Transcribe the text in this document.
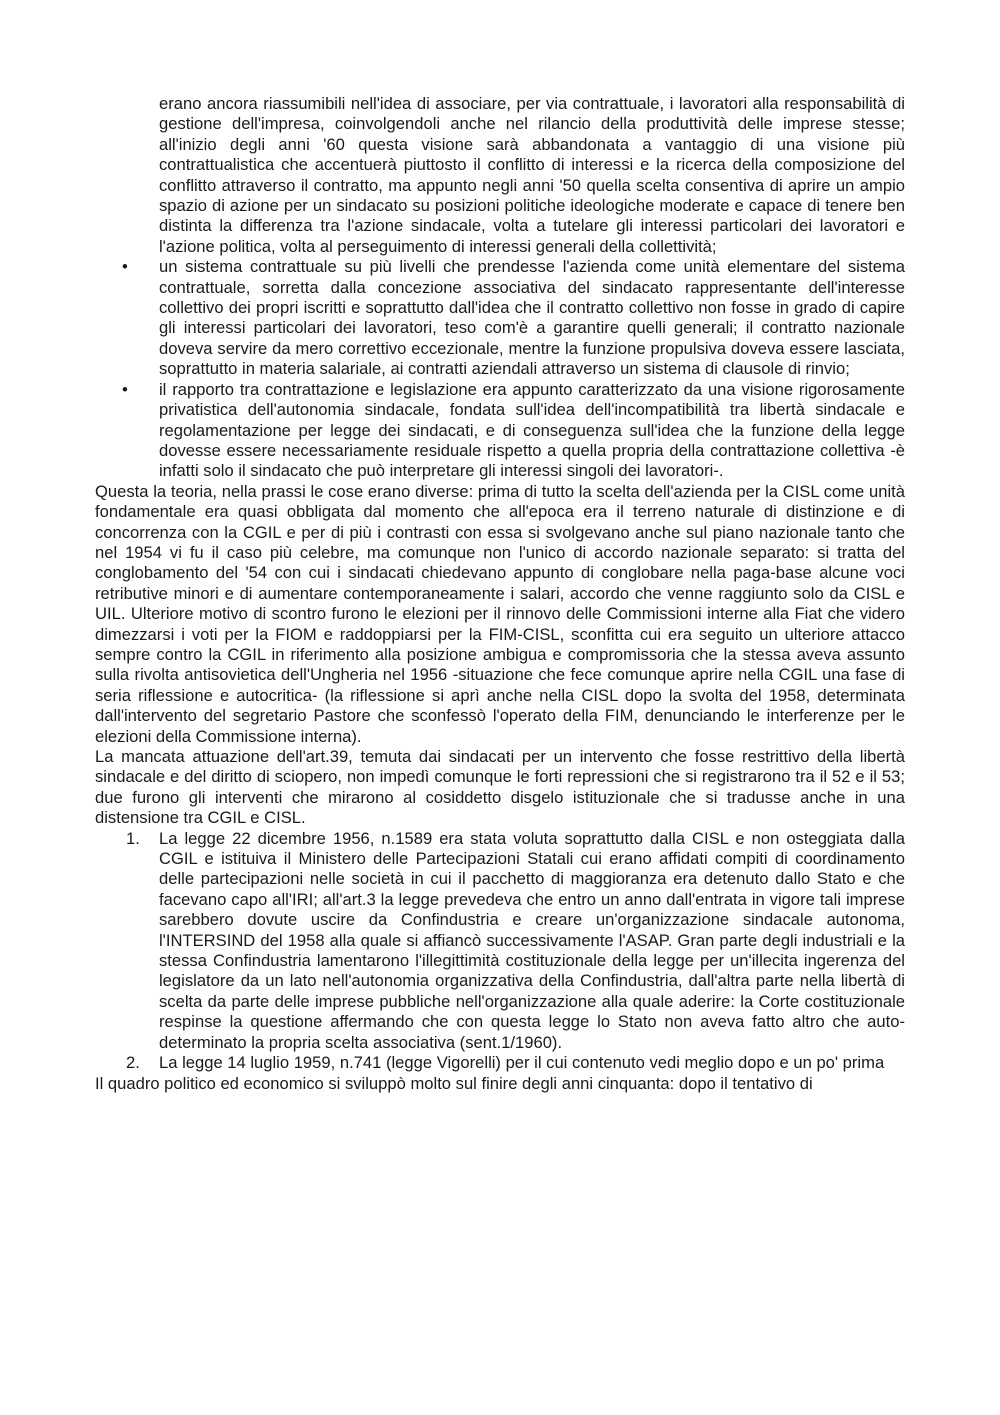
erano ancora riassumibili nell'idea di associare, per via contrattuale, i lavoratori alla responsabilità di gestione dell'impresa, coinvolgendoli anche nel rilancio della produttività delle imprese stesse; all'inizio degli anni '60 questa visione sarà abbandonata a vantaggio di una visione più contrattualistica che accentuerà piuttosto il conflitto di interessi e la ricerca della composizione del conflitto attraverso il contratto, ma appunto negli anni '50 quella scelta consentiva di aprire un ampio spazio di azione per un sindacato su posizioni politiche ideologiche moderate e capace di tenere ben distinta la differenza tra l'azione sindacale, volta a tutelare gli interessi particolari dei lavoratori e l'azione politica, volta al perseguimento di interessi generali della collettività;

• un sistema contrattuale su più livelli che prendesse l'azienda come unità elementare del sistema contrattuale, sorretta dalla concezione associativa del sindacato rappresentante dell'interesse collettivo dei propri iscritti e soprattutto dall'idea che il contratto collettivo non fosse in grado di capire gli interessi particolari dei lavoratori, teso com'è a garantire quelli generali; il contratto nazionale doveva servire da mero correttivo eccezionale, mentre la funzione propulsiva doveva essere lasciata, soprattutto in materia salariale, ai contratti aziendali attraverso un sistema di clausole di rinvio;

• il rapporto tra contrattazione e legislazione era appunto caratterizzato da una visione rigorosamente privatistica dell'autonomia sindacale, fondata sull'idea dell'incompatibilità tra libertà sindacale e regolamentazione per legge dei sindacati, e di conseguenza sull'idea che la funzione della legge dovesse essere necessariamente residuale rispetto a quella propria della contrattazione collettiva -è infatti solo il sindacato che può interpretare gli interessi singoli dei lavoratori-.

Questa la teoria, nella prassi le cose erano diverse: prima di tutto la scelta dell'azienda per la CISL come unità fondamentale era quasi obbligata dal momento che all'epoca era il terreno naturale di distinzione e di concorrenza con la CGIL e per di più i contrasti con essa si svolgevano anche sul piano nazionale tanto che nel 1954 vi fu il caso più celebre, ma comunque non l'unico di accordo nazionale separato: si tratta del conglobamento del '54 con cui i sindacati chiedevano appunto di conglobare nella paga-base alcune voci retributive minori e di aumentare contemporaneamente i salari, accordo che venne raggiunto solo da CISL e UIL. Ulteriore motivo di scontro furono le elezioni per il rinnovo delle Commissioni interne alla Fiat che videro dimezzarsi i voti per la FIOM e raddoppiarsi per la FIM-CISL, sconfitta cui era seguito un ulteriore attacco sempre contro la CGIL in riferimento alla posizione ambigua e compromissoria che la stessa aveva assunto sulla rivolta antisovietica dell'Ungheria nel 1956 -situazione che fece comunque aprire nella CGIL una fase di seria riflessione e autocritica- (la riflessione si aprì anche nella CISL dopo la svolta del 1958, determinata dall'intervento del segretario Pastore che sconfessò l'operato della FIM, denunciando le interferenze per le elezioni della Commissione interna).

La mancata attuazione dell'art.39, temuta dai sindacati per un intervento che fosse restrittivo della libertà sindacale e del diritto di sciopero, non impedì comunque le forti repressioni che si registrarono tra il 52 e il 53; due furono gli interventi che mirarono al cosiddetto disgelo istituzionale che si tradusse anche in una distensione tra CGIL e CISL.

1. La legge 22 dicembre 1956, n.1589 era stata voluta soprattutto dalla CISL e non osteggiata dalla CGIL e istituiva il Ministero delle Partecipazioni Statali cui erano affidati compiti di coordinamento delle partecipazioni nelle società in cui il pacchetto di maggioranza era detenuto dallo Stato e che facevano capo all'IRI; all'art.3 la legge prevedeva che entro un anno dall'entrata in vigore tali imprese sarebbero dovute uscire da Confindustria e creare un'organizzazione sindacale autonoma, l'INTERSIND del 1958 alla quale si affiancò successivamente l'ASAP. Gran parte degli industriali e la stessa Confindustria lamentarono l'illegittimità costituzionale della legge per un'illecita ingerenza del legislatore da un lato nell'autonomia organizzativa della Confindustria, dall'altra parte nella libertà di scelta da parte delle imprese pubbliche nell'organizzazione alla quale aderire: la Corte costituzionale respinse la questione affermando che con questa legge lo Stato non aveva fatto altro che auto-determinato la propria scelta associativa (sent.1/1960).

2. La legge 14 luglio 1959, n.741 (legge Vigorelli) per il cui contenuto vedi meglio dopo e un po' prima

Il quadro politico ed economico si sviluppò molto sul finire degli anni cinquanta: dopo il tentativo di
